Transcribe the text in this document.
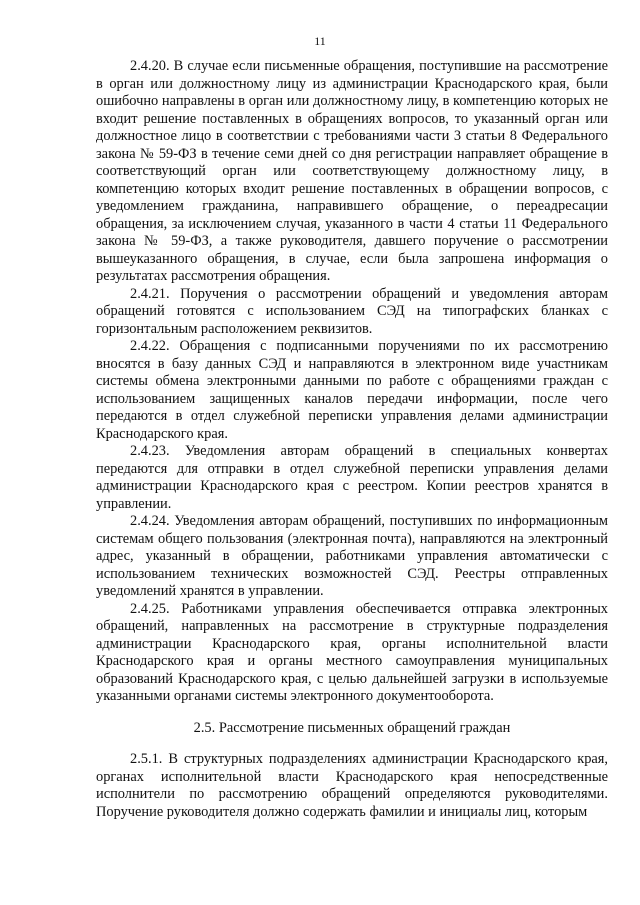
11

2.4.20. В случае если письменные обращения, поступившие на рассмотрение в орган или должностному лицу из администрации Краснодарского края, были ошибочно направлены в орган или должностному лицу, в компетенцию которых не входит решение поставленных в обращениях вопросов, то указанный орган или должностное лицо в соответствии с требованиями части 3 статьи 8 Федерального закона № 59-ФЗ в течение семи дней со дня регистрации направляет обращение в соответствующий орган или соответствующему должностному лицу, в компетенцию которых входит решение поставленных в обращении вопросов, с уведомлением гражданина, направившего обращение, о переадресации обращения, за исключением случая, указанного в части 4 статьи 11 Федерального закона № 59-ФЗ, а также руководителя, давшего поручение о рассмотрении вышеуказанного обращения, в случае, если была запрошена информация о результатах рассмотрения обращения.

2.4.21. Поручения о рассмотрении обращений и уведомления авторам обращений готовятся с использованием СЭД на типографских бланках с горизонтальным расположением реквизитов.

2.4.22. Обращения с подписанными поручениями по их рассмотрению вносятся в базу данных СЭД и направляются в электронном виде участникам системы обмена электронными данными по работе с обращениями граждан с использованием защищенных каналов передачи информации, после чего передаются в отдел служебной переписки управления делами администрации Краснодарского края.

2.4.23. Уведомления авторам обращений в специальных конвертах передаются для отправки в отдел служебной переписки управления делами администрации Краснодарского края с реестром. Копии реестров хранятся в управлении.

2.4.24. Уведомления авторам обращений, поступивших по информационным системам общего пользования (электронная почта), направляются на электронный адрес, указанный в обращении, работниками управления автоматически с использованием технических возможностей СЭД. Реестры отправленных уведомлений хранятся в управлении.

2.4.25. Работниками управления обеспечивается отправка электронных обращений, направленных на рассмотрение в структурные подразделения администрации Краснодарского края, органы исполнительной власти Краснодарского края и органы местного самоуправления муниципальных образований Краснодарского края, с целью дальнейшей загрузки в используемые указанными органами системы электронного документооборота.

2.5. Рассмотрение письменных обращений граждан

2.5.1. В структурных подразделениях администрации Краснодарского края, органах исполнительной власти Краснодарского края непосредственные исполнители по рассмотрению обращений определяются руководителями. Поручение руководителя должно содержать фамилии и инициалы лиц, которым
